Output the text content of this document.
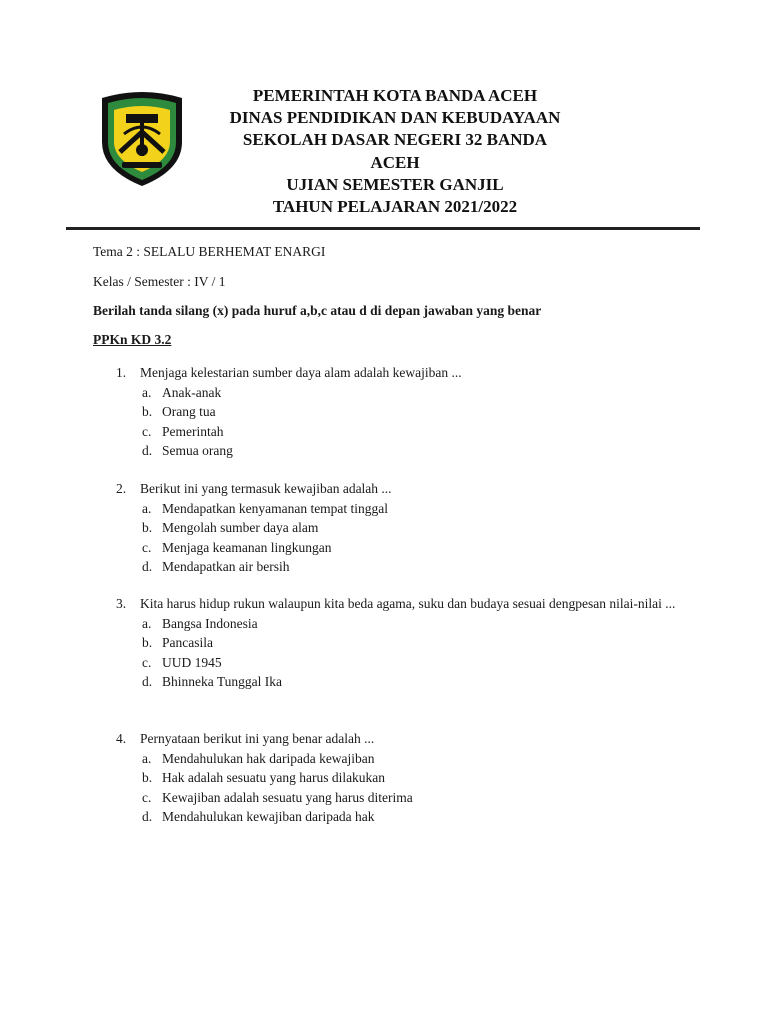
PEMERINTAH KOTA BANDA ACEH
DINAS PENDIDIKAN DAN KEBUDAYAAN
SEKOLAH DASAR NEGERI 32 BANDA
ACEH
UJIAN SEMESTER GANJIL
TAHUN PELAJARAN 2021/2022
Tema 2 : SELALU BERHEMAT ENARGI
Kelas / Semester : IV / 1
Berilah tanda silang (x) pada huruf a,b,c atau d di depan jawaban yang benar
PPKn KD 3.2
1. Menjaga kelestarian sumber daya alam adalah kewajiban ...
a. Anak-anak
b. Orang tua
c. Pemerintah
d. Semua orang
2. Berikut ini yang termasuk kewajiban adalah ...
a. Mendapatkan kenyamanan tempat tinggal
b. Mengolah sumber daya alam
c. Menjaga keamanan lingkungan
d. Mendapatkan air bersih
3. Kita harus hidup rukun walaupun kita beda agama, suku dan budaya sesuai dengpesan nilai-nilai ...
a. Bangsa Indonesia
b. Pancasila
c. UUD 1945
d. Bhinneka Tunggal Ika
4. Pernyataan berikut ini yang benar adalah ...
a. Mendahulukan hak daripada kewajiban
b. Hak adalah sesuatu yang harus dilakukan
c. Kewajiban adalah sesuatu yang harus diterima
d. Mendahulukan kewajiban daripada hak
